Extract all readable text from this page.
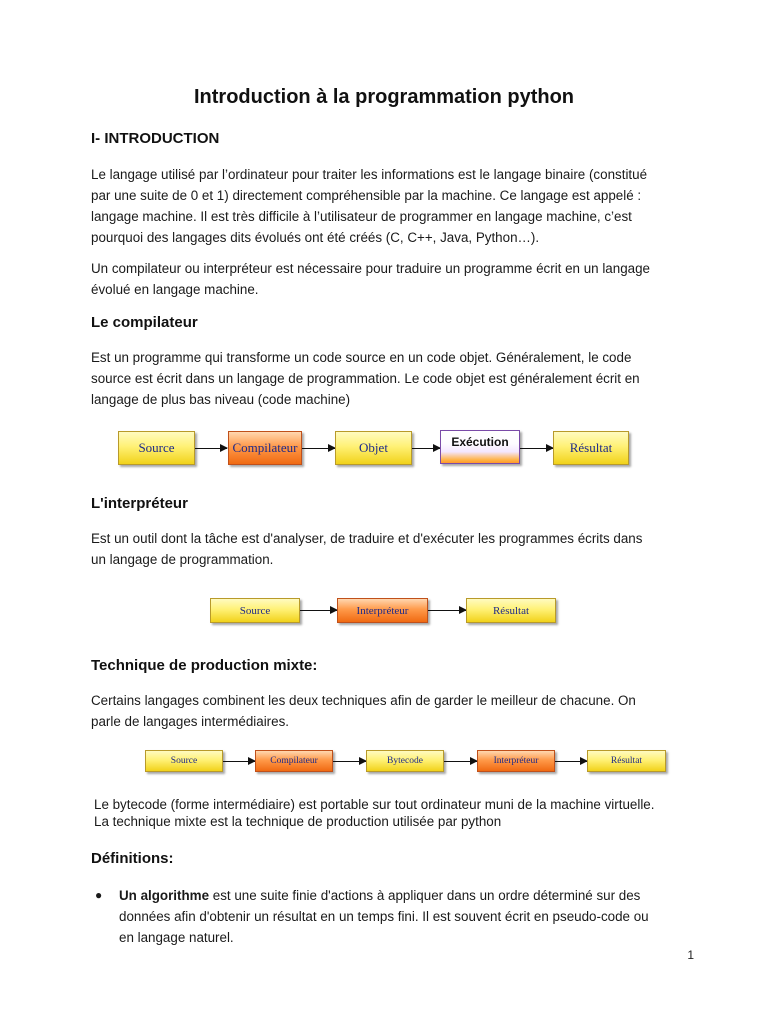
Introduction à la programmation python
I- INTRODUCTION
Le langage utilisé par l’ordinateur pour traiter les informations est le langage binaire (constitué
par une suite de 0 et 1) directement compréhensible par la machine. Ce langage est appelé :
langage machine. Il est très difficile à l’utilisateur de programmer en langage machine, c’est
pourquoi des langages dits évolués ont été créés (C, C++, Java, Python…).
Un compilateur ou interpréteur est nécessaire pour traduire un programme écrit en un langage
évolué en langage machine.
Le compilateur
Est un programme qui transforme un code source en un code objet. Généralement, le code
source est écrit dans un langage de programmation. Le code objet est généralement écrit en
langage de plus bas niveau (code machine)
Source	Compilateur	Objet	Exécution	Résultat
L'interpréteur
Est un outil dont la tâche est d'analyser, de traduire et d'exécuter les programmes écrits dans
un langage de programmation.
Source	Interpréteur	Résultat
Technique de production mixte:
Certains langages combinent les deux techniques afin de garder le meilleur de chacune. On
parle de langages intermédiaires.
Source	Compilateur	Bytecode	Interpréteur	Résultat
Le bytecode (forme intermédiaire) est portable sur tout ordinateur muni de la machine virtuelle.
La technique mixte est la technique de production utilisée par python
Définitions:
● Un algorithme est une suite finie d'actions à appliquer dans un ordre déterminé sur des
données afin d'obtenir un résultat en un temps fini. Il est souvent écrit en pseudo-code ou
en langage naturel.
1
